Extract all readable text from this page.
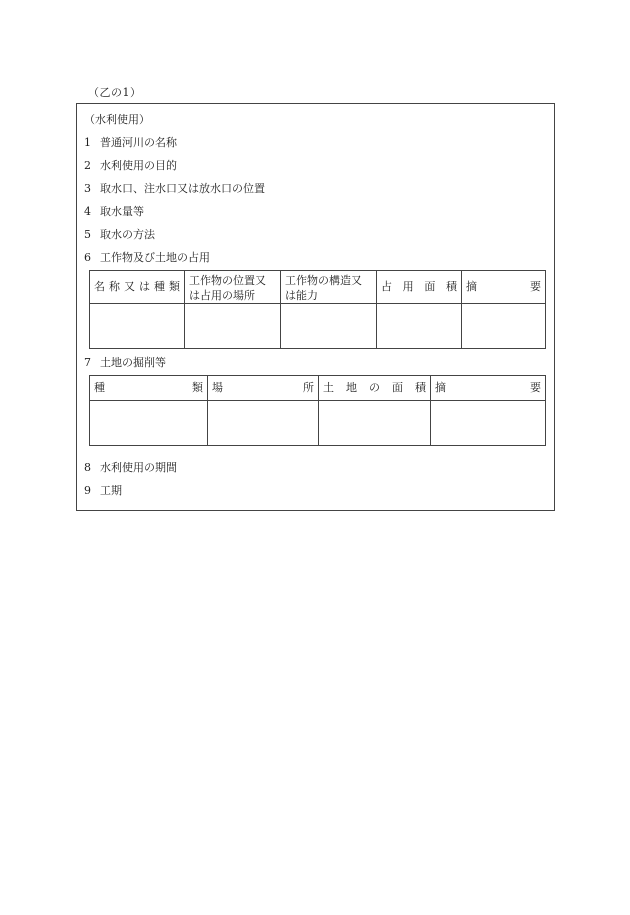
（乙の1）
（水利使用）
1 普通河川の名称
2 水利使用の目的
3 取水口、注水口又は放水口の位置
4 取水量等
5 取水の方法
6 工作物及び土地の占用
名称又は種類	工作物の位置又は占用の場所	工作物の構造又は能力	占用面積	摘要

7 土地の掘削等
種類	場所	土地の面積	摘要

8 水利使用の期間
9 工期
